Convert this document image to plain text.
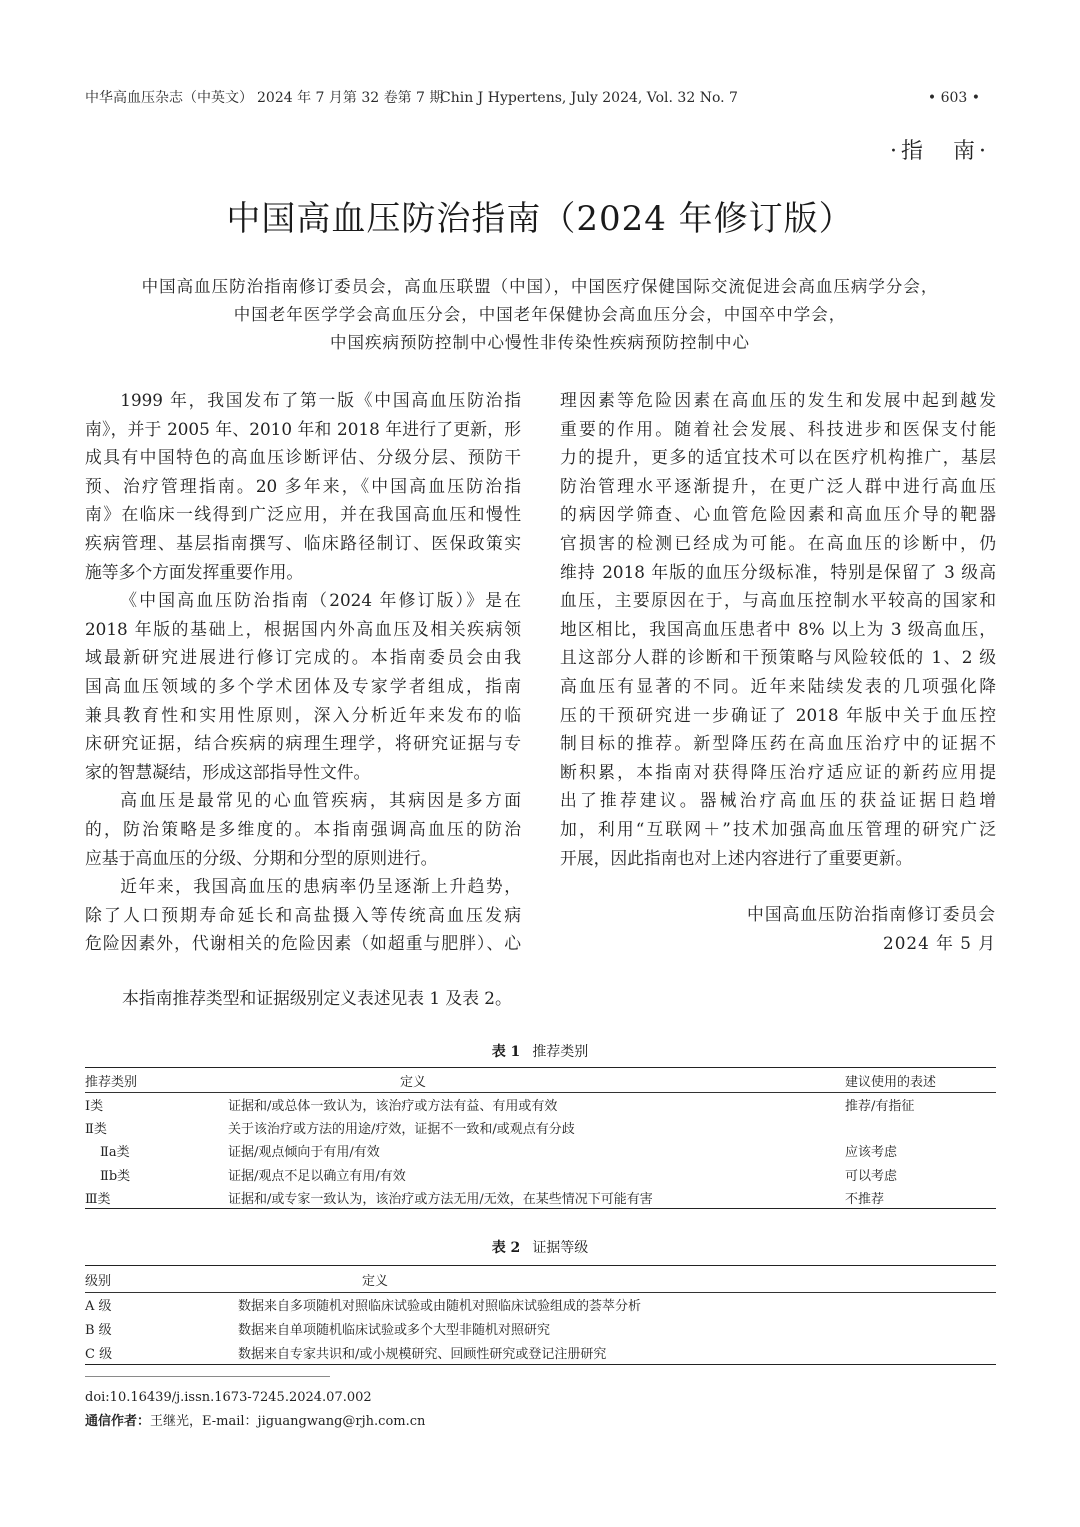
中华高血压杂志（中英文） 2024 年 7 月第 32 卷第 7 期
Chin J Hypertens, July 2024, Vol. 32 No. 7	• 603 •
·指　南·
中国高血压防治指南（2024 年修订版）
中国高血压防治指南修订委员会，高血压联盟（中国），中国医疗保健国际交流促进会高血压病学分会，
中国老年医学学会高血压分会，中国老年保健协会高血压分会，中国卒中学会，
中国疾病预防控制中心慢性非传染性疾病预防控制中心
1999 年，我国发布了第一版《中国高血压防治指
南》，并于 2005 年、2010 年和 2018 年进行了更新，形
成具有中国特色的高血压诊断评估、分级分层、预防干
预、治疗管理指南。20 多年来，《中国高血压防治指
南》在临床一线得到广泛应用，并在我国高血压和慢性
疾病管理、基层指南撰写、临床路径制订、医保政策实
施等多个方面发挥重要作用。
《中国高血压防治指南（2024 年修订版）》是在
2018 年版的基础上，根据国内外高血压及相关疾病领
域最新研究进展进行修订完成的。本指南委员会由我
国高血压领域的多个学术团体及专家学者组成，指南
兼具教育性和实用性原则，深入分析近年来发布的临
床研究证据，结合疾病的病理生理学，将研究证据与专
家的智慧凝结，形成这部指导性文件。
高血压是最常见的心血管疾病，其病因是多方面
的，防治策略是多维度的。本指南强调高血压的防治
应基于高血压的分级、分期和分型的原则进行。
近年来，我国高血压的患病率仍呈逐渐上升趋势，
除了人口预期寿命延长和高盐摄入等传统高血压发病
危险因素外，代谢相关的危险因素（如超重与肥胖）、心
理因素等危险因素在高血压的发生和发展中起到越发
重要的作用。随着社会发展、科技进步和医保支付能
力的提升，更多的适宜技术可以在医疗机构推广，基层
防治管理水平逐渐提升，在更广泛人群中进行高血压
的病因学筛查、心血管危险因素和高血压介导的靶器
官损害的检测已经成为可能。在高血压的诊断中，仍
维持 2018 年版的血压分级标准，特别是保留了 3 级高
血压，主要原因在于，与高血压控制水平较高的国家和
地区相比，我国高血压患者中 8% 以上为 3 级高血压，
且这部分人群的诊断和干预策略与风险较低的 1、2 级
高血压有显著的不同。近年来陆续发表的几项强化降
压的干预研究进一步确证了 2018 年版中关于血压控
制目标的推荐。新型降压药在高血压治疗中的证据不
断积累，本指南对获得降压治疗适应证的新药应用提
出了推荐建议。器械治疗高血压的获益证据日趋增
加，利用“互联网＋”技术加强高血压管理的研究广泛
开展，因此指南也对上述内容进行了重要更新。
中国高血压防治指南修订委员会
2024 年 5 月
本指南推荐类型和证据级别定义表述见表 1 及表 2。
表 1 推荐类别
推荐类别	定义	建议使用的表述
Ⅰ类	证据和/或总体一致认为，该治疗或方法有益、有用或有效	推荐/有指征
Ⅱ类	关于该治疗或方法的用途/疗效，证据不一致和/或观点有分歧	
Ⅱa类	证据/观点倾向于有用/有效	应该考虑
Ⅱb类	证据/观点不足以确立有用/有效	可以考虑
Ⅲ类	证据和/或专家一致认为，该治疗或方法无用/无效，在某些情况下可能有害	不推荐
表 2 证据等级
级别	定义
A 级	数据来自多项随机对照临床试验或由随机对照临床试验组成的荟萃分析
B 级	数据来自单项随机临床试验或多个大型非随机对照研究
C 级	数据来自专家共识和/或小规模研究、回顾性研究或登记注册研究
doi:10.16439/j.issn.1673-7245.2024.07.002
通信作者：王继光，E-mail：jiguangwang@rjh.com.cn
